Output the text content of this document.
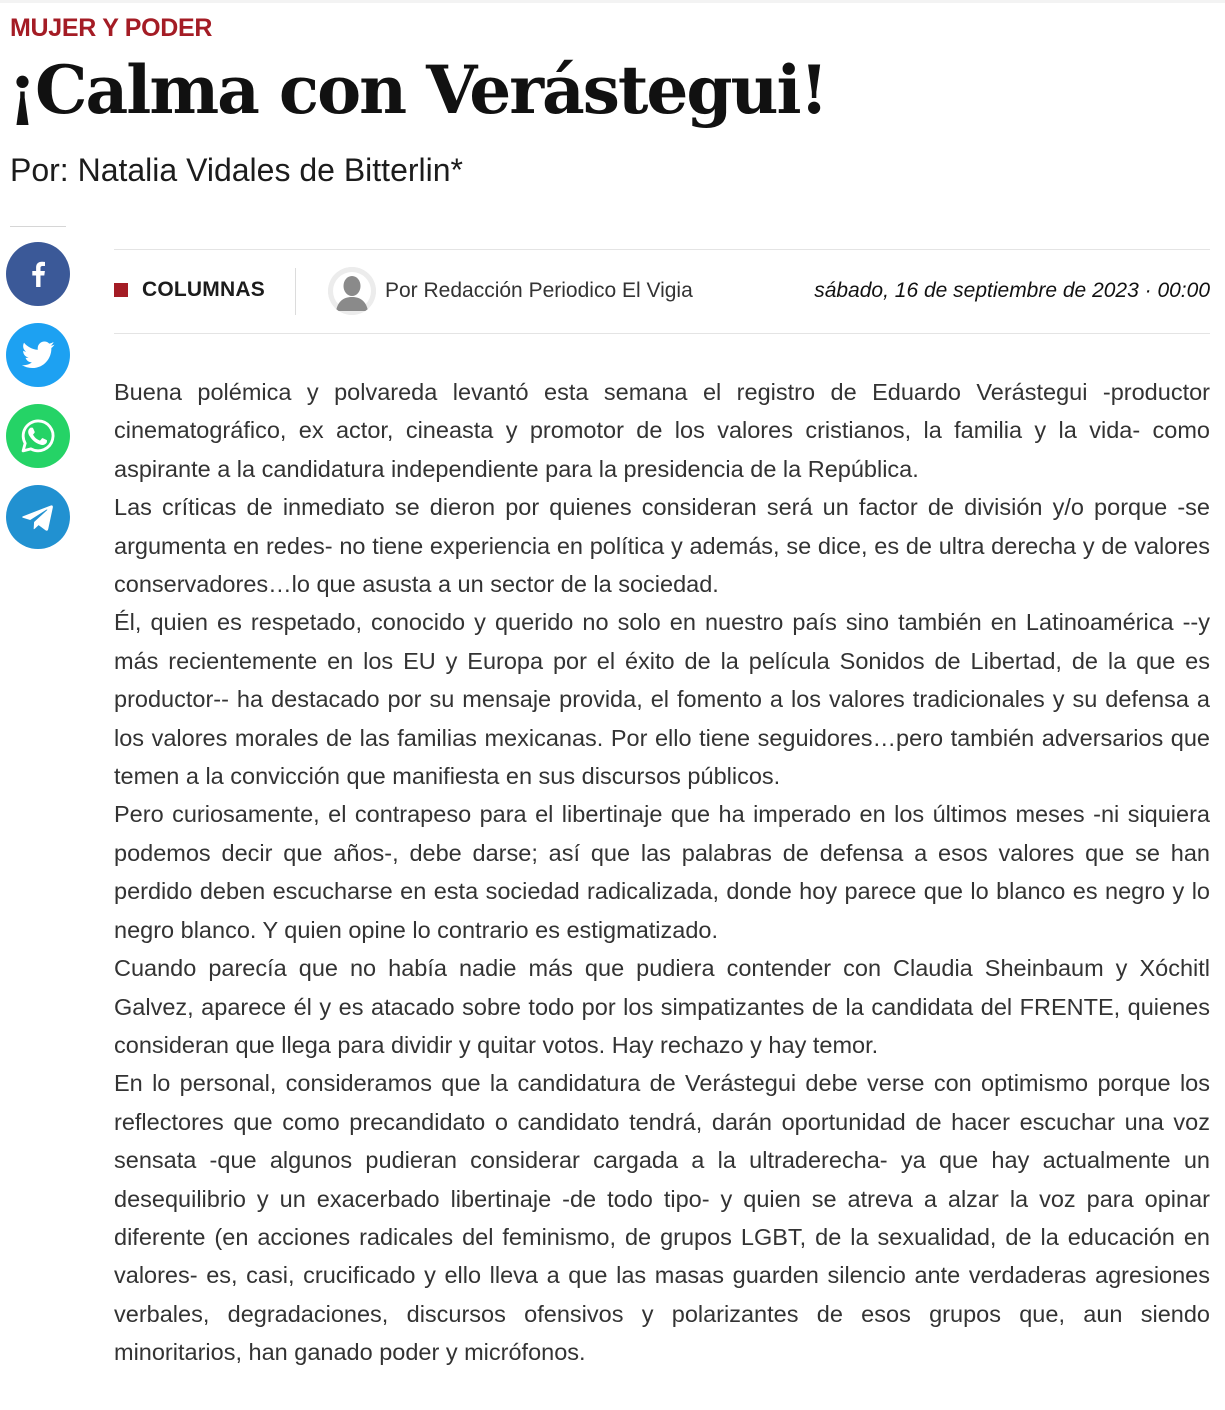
MUJER Y PODER
¡Calma con Verástegui!
Por: Natalia Vidales de Bitterlin*
COLUMNAS	Por Redacción Periodico El Vigia	sábado, 16 de septiembre de 2023 · 00:00

Buena polémica y polvareda levantó esta semana el registro de Eduardo Verástegui -productor cinematográfico, ex actor, cineasta y promotor de los valores cristianos, la familia y la vida- como aspirante a la candidatura independiente para la presidencia de la República.

Las críticas de inmediato se dieron por quienes consideran será un factor de división y/o porque -se argumenta en redes- no tiene experiencia en política y además, se dice, es de ultra derecha y de valores conservadores…lo que asusta a un sector de la sociedad.

Él, quien es respetado, conocido y querido no solo en nuestro país sino también en Latinoamérica --y más recientemente en los EU y Europa por el éxito de la película Sonidos de Libertad, de la que es productor-- ha destacado por su mensaje provida, el fomento a los valores tradicionales y su defensa a los valores morales de las familias mexicanas. Por ello tiene seguidores…pero también adversarios que temen a la convicción que manifiesta en sus discursos públicos.

Pero curiosamente, el contrapeso para el libertinaje que ha imperado en los últimos meses -ni siquiera podemos decir que años-, debe darse; así que las palabras de defensa a esos valores que se han perdido deben escucharse en esta sociedad radicalizada, donde hoy parece que lo blanco es negro y lo negro blanco. Y quien opine lo contrario es estigmatizado.

Cuando parecía que no había nadie más que pudiera contender con Claudia Sheinbaum y Xóchitl Galvez, aparece él y es atacado sobre todo por los simpatizantes de la candidata del FRENTE, quienes consideran que llega para dividir y quitar votos. Hay rechazo y hay temor.

En lo personal, consideramos que la candidatura de Verástegui debe verse con optimismo porque los reflectores que como precandidato o candidato tendrá, darán oportunidad de hacer escuchar una voz sensata -que algunos pudieran considerar cargada a la ultraderecha- ya que hay actualmente un desequilibrio y un exacerbado libertinaje -de todo tipo- y quien se atreva a alzar la voz para opinar diferente (en acciones radicales del feminismo, de grupos LGBT, de la sexualidad, de la educación en valores- es, casi, crucificado y ello lleva a que las masas guarden silencio ante verdaderas agresiones verbales, degradaciones, discursos ofensivos y polarizantes de esos grupos que, aun siendo minoritarios, han ganado poder y micrófonos.
